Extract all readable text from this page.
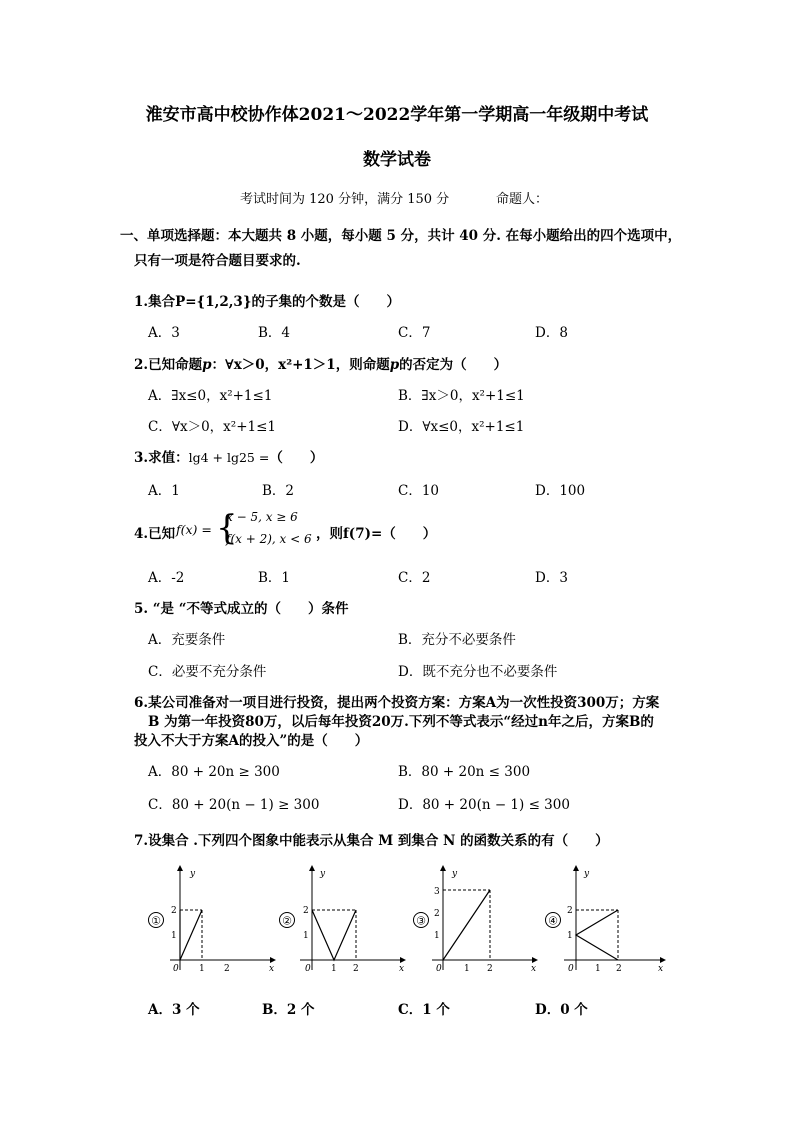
淮安市高中校协作体2021～2022学年第一学期高一年级期中考试
数学试卷
考试时间为 120 分钟，满分 150 分	命题人：
一、单项选择题：本大题共 8 小题，每小题 5 分，共计 40 分. 在每小题给出的四个选项中，
只有一项是符合题目要求的.
1.集合P={1,2,3}的子集的个数是（　　）
A．3	B．4	C．7	D．8
2.已知命题p：∀x＞0，x²+1＞1，则命题p的否定为（　　）
A．∃x≤0，x²+1≤1	B．∃x＞0，x²+1≤1
C．∀x＞0，x²+1≤1	D．∀x≤0，x²+1≤1
3.求值：lg4 + lg25 =（　　）
A．1	B．2	C．10	D．100
4.已知 f(x) = {
x − 5, x ≥ 6
f(x + 2), x < 6 ，则f(7)=（　　）
A．-2	B．1	C．2	D．3
5. “是 “不等式成立的（　　）条件
A．充要条件	B．充分不必要条件
C．必要不充分条件	D．既不充分也不必要条件
6.某公司准备对一项目进行投资，提出两个投资方案：方案A为一次性投资300万；方案
B 为第一年投资80万，以后每年投资20万.下列不等式表示“经过n年之后，方案B的
投入不大于方案A的投入”的是（　　）
A．80 + 20n ≥ 300	B．80 + 20n ≤ 300
C．80 + 20(n − 1) ≥ 300	D．80 + 20(n − 1) ≤ 300
7.设集合 .下列四个图象中能表示从集合 M 到集合 N 的函数关系的有（　　）
①
y
x
0 1 2
1
2
②
y
x
0 1 2
1
2
③
y
x
0 1 2
1
2
3
④
y
x
0 1 2
1
2
A．3 个	B．2 个	C．1 个	D．0 个
